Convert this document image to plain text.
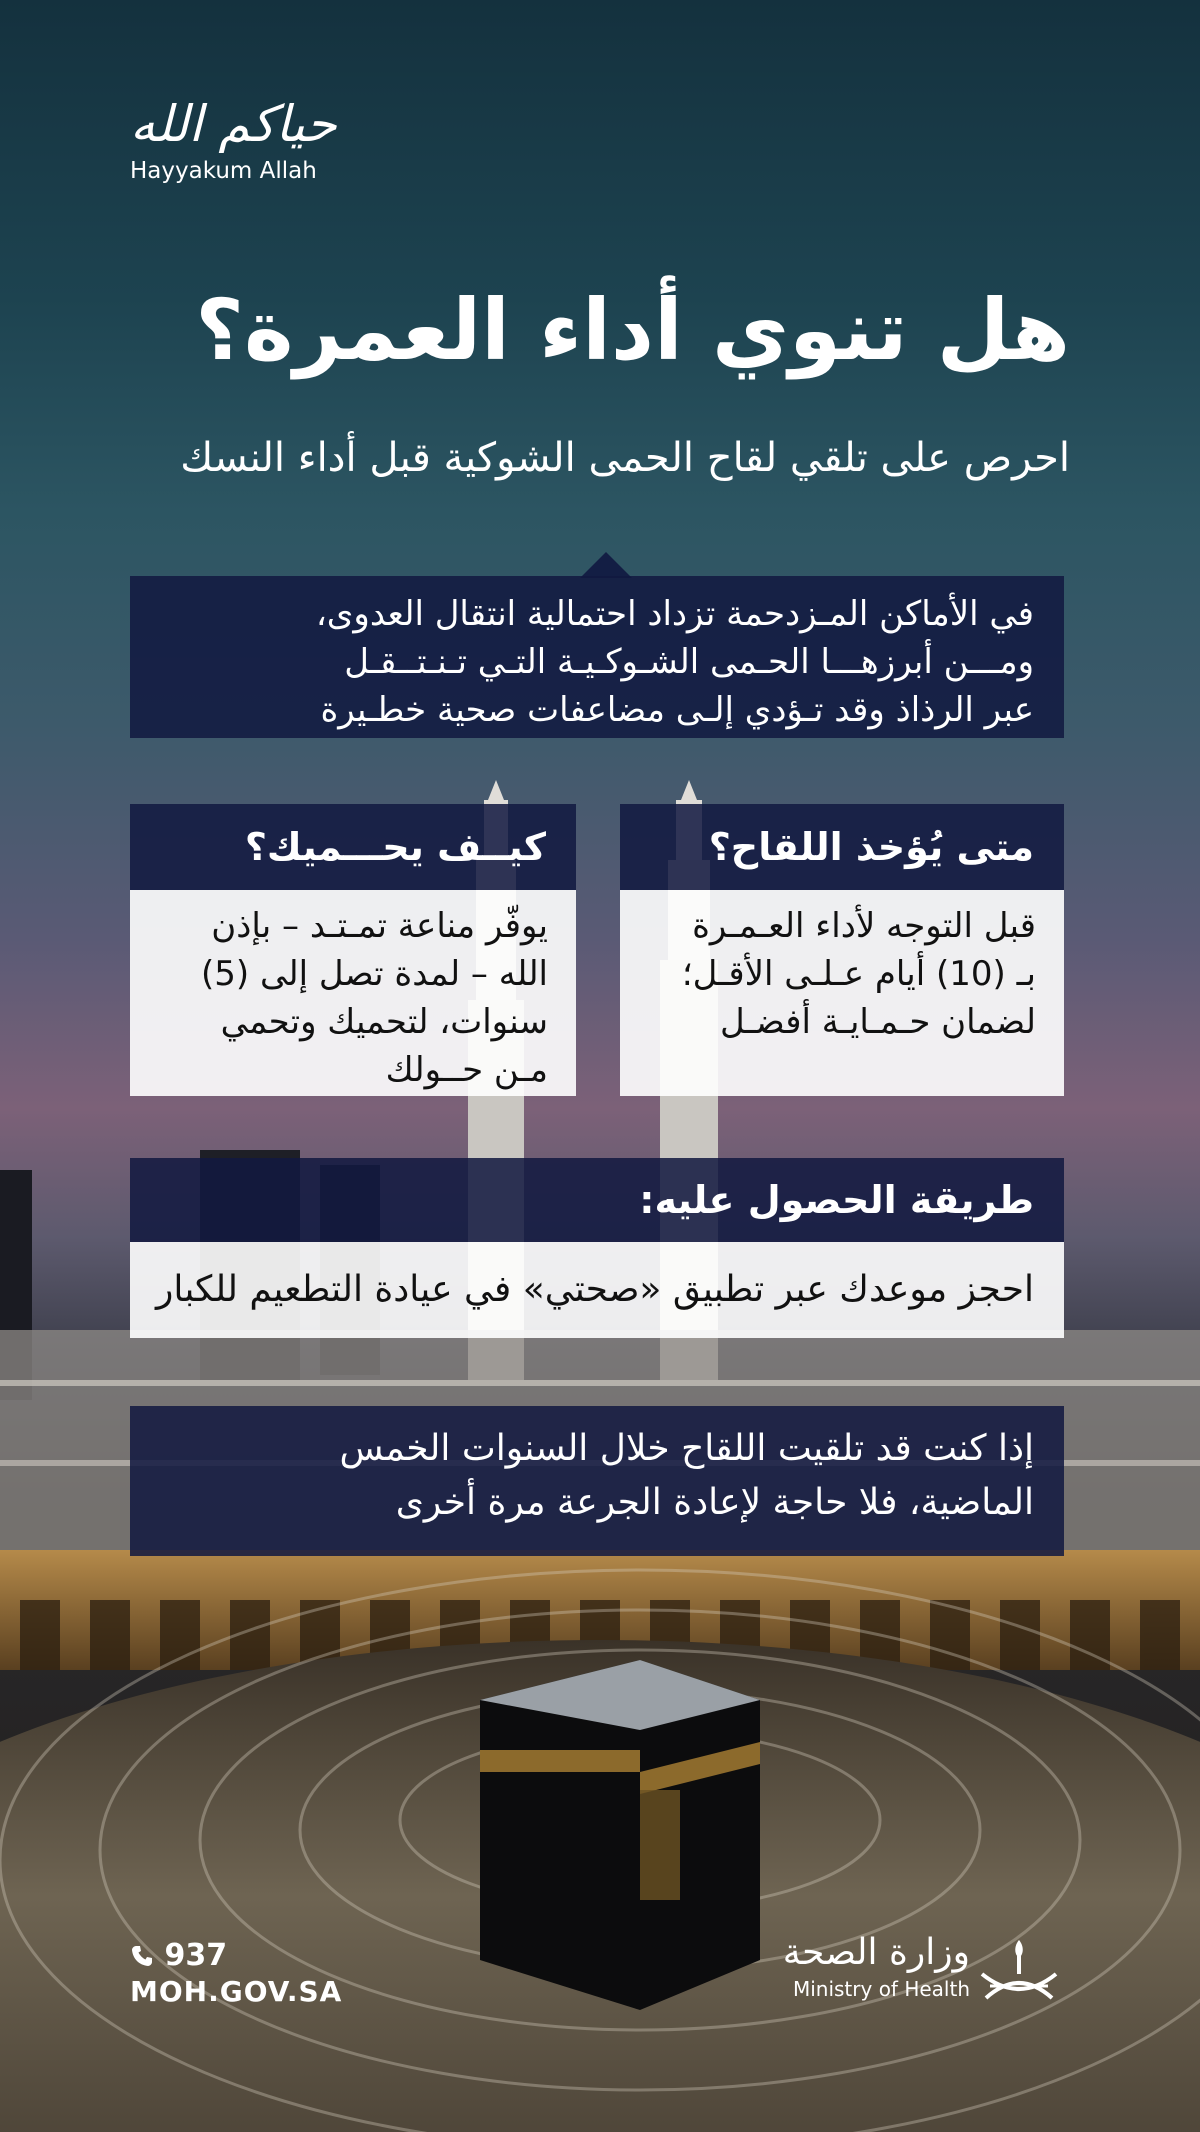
حياكم الله
Hayyakum Allah
هل تنوي أداء العمرة؟
احرص على تلقي لقاح الحمى الشوكية قبل أداء النسك
في الأماكن المـزدحمة تزداد احتمالية انتقال العدوى،
ومـــن أبرزهـــا الحـمى الشـوكـيـة التـي تـنـتــقـل
عبر الرذاذ وقد تـؤدي إلـى مضاعفات صحية خطـيرة
متى يُؤخذ اللقاح؟
قبل التوجه لأداء العـمـرة
بـ (10) أيام عـلـى الأقـل؛
لضمان حـمـايـة أفضـل
كيــف يحـــميك؟
يوفّر مناعة تمـتـد – بإذن
الله – لمدة تصل إلى (5)
سنوات، لتحميك وتحمي
مـن حــولك
طريقة الحصول عليه:
احجز موعدك عبر تطبيق «صحتي» في عيادة التطعيم للكبار
إذا كنت قد تلقيت اللقاح خلال السنوات الخمس
الماضية، فلا حاجة لإعادة الجرعة مرة أخرى
937
MOH.GOV.SA
وزارة الصحة
Ministry of Health
